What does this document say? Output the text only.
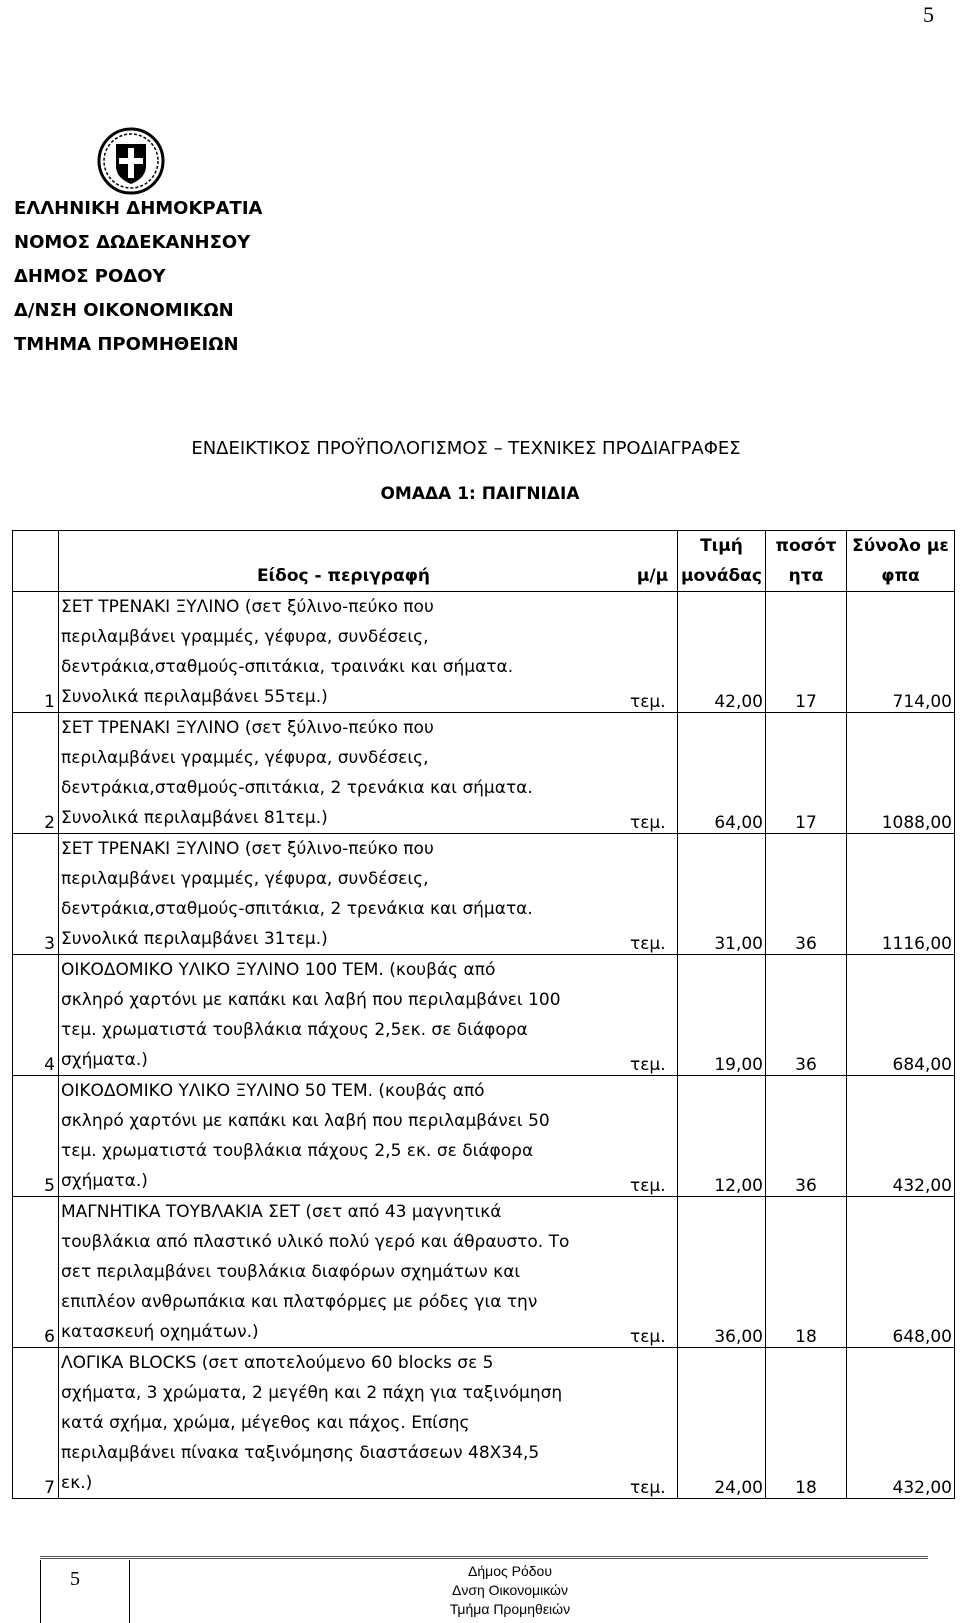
5
ΕΛΛΗΝΙΚΗ ΔΗΜΟΚΡΑΤΙΑ
ΝΟΜΟΣ ΔΩΔΕΚΑΝΗΣΟΥ
ΔΗΜΟΣ ΡΟΔΟΥ
Δ/ΝΣΗ ΟΙΚΟΝΟΜΙΚΩΝ
ΤΜΗΜΑ ΠΡΟΜΗΘΕΙΩΝ
ΕΝΔΕΙΚΤΙΚΟΣ ΠΡΟΫΠΟΛΟΓΙΣΜΟΣ – ΤΕΧΝΙΚΕΣ ΠΡΟΔΙΑΓΡΑΦΕΣ
ΟΜΑΔΑ 1: ΠΑΙΓΝΙΔΙΑ
	Είδος - περιγραφή	μ/μ	Τιμή μονάδας	ποσότ ητα	Σύνολο με φπα
1	ΣΕΤ ΤΡΕΝΑΚΙ ΞΥΛΙΝΟ (σετ ξύλινο-πεύκο που
περιλαμβάνει γραμμές, γέφυρα, συνδέσεις,
δεντράκια,σταθμούς-σπιτάκια, τραινάκι και σήματα.
Συνολικά περιλαμβάνει 55τεμ.)	τεμ.	42,00	17	714,00
2	ΣΕΤ ΤΡΕΝΑΚΙ ΞΥΛΙΝΟ (σετ ξύλινο-πεύκο που
περιλαμβάνει γραμμές, γέφυρα, συνδέσεις,
δεντράκια,σταθμούς-σπιτάκια, 2 τρενάκια και σήματα.
Συνολικά περιλαμβάνει 81τεμ.)	τεμ.	64,00	17	1088,00
3	ΣΕΤ ΤΡΕΝΑΚΙ ΞΥΛΙΝΟ (σετ ξύλινο-πεύκο που
περιλαμβάνει γραμμές, γέφυρα, συνδέσεις,
δεντράκια,σταθμούς-σπιτάκια, 2 τρενάκια και σήματα.
Συνολικά περιλαμβάνει 31τεμ.)	τεμ.	31,00	36	1116,00
4	ΟΙΚΟΔΟΜΙΚΟ ΥΛΙΚΟ ΞΥΛΙΝΟ 100 ΤΕΜ. (κουβάς από
σκληρό χαρτόνι με καπάκι και λαβή που περιλαμβάνει 100
τεμ. χρωματιστά τουβλάκια πάχους 2,5εκ. σε διάφορα
σχήματα.)	τεμ.	19,00	36	684,00
5	ΟΙΚΟΔΟΜΙΚΟ ΥΛΙΚΟ ΞΥΛΙΝΟ 50 ΤΕΜ. (κουβάς από
σκληρό χαρτόνι με καπάκι και λαβή που περιλαμβάνει 50
τεμ. χρωματιστά τουβλάκια πάχους 2,5 εκ. σε διάφορα
σχήματα.)	τεμ.	12,00	36	432,00
6	ΜΑΓΝΗΤΙΚΑ ΤΟΥΒΛΑΚΙΑ ΣΕΤ (σετ από 43 μαγνητικά
τουβλάκια από πλαστικό υλικό πολύ γερό και άθραυστο. Το
σετ περιλαμβάνει τουβλάκια διαφόρων σχημάτων και
επιπλέον ανθρωπάκια και πλατφόρμες με ρόδες για την
κατασκευή οχημάτων.)	τεμ.	36,00	18	648,00
7	ΛΟΓΙΚΑ BLOCKS (σετ αποτελούμενο 60 blocks σε 5
σχήματα, 3 χρώματα, 2 μεγέθη και 2 πάχη για ταξινόμηση
κατά σχήμα, χρώμα, μέγεθος και πάχος. Επίσης
περιλαμβάνει πίνακα ταξινόμησης διαστάσεων 48Χ34,5
εκ.)	τεμ.	24,00	18	432,00
5	Δήμος Ρόδου
Δνση Οικονομικών
Τμήμα Προμηθειών
